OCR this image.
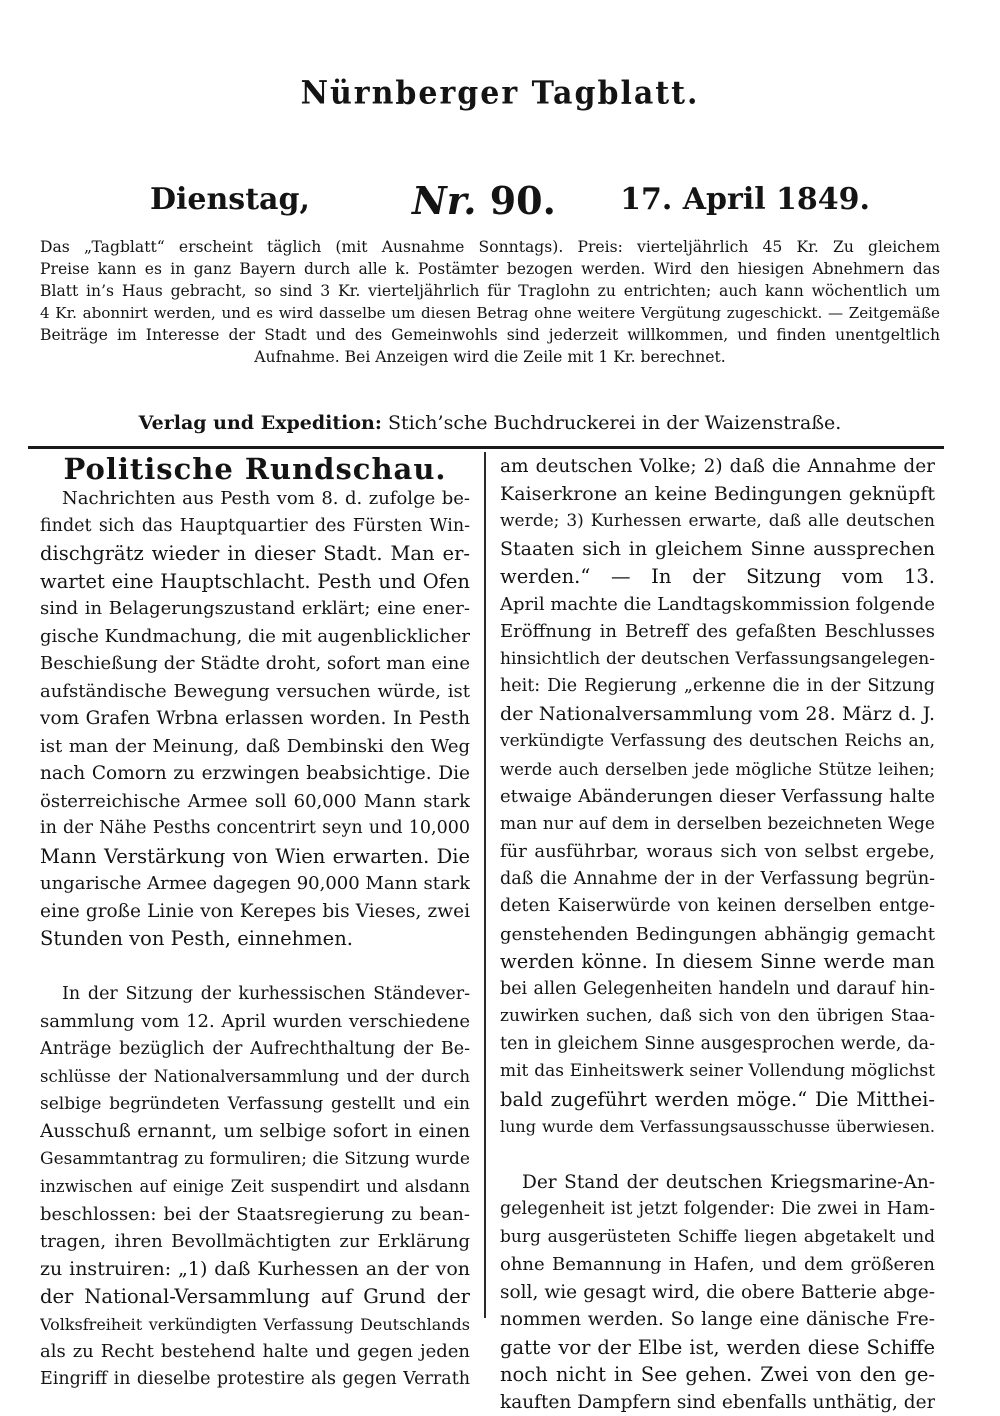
Nürnberger Tagblatt.
Dienstag,	Nr. 90. 17. April 1849.
Das „Tagblatt“ erscheint täglich (mit Ausnahme Sonntags). Preis: vierteljährlich 45 Kr. Zu gleichem
Preise kann es in ganz Bayern durch alle k. Postämter bezogen werden. Wird den hiesigen Abnehmern das
Blatt in’s Haus gebracht, so sind 3 Kr. vierteljährlich für Traglohn zu entrichten; auch kann wöchentlich um
4 Kr. abonnirt werden, und es wird dasselbe um diesen Betrag ohne weitere Vergütung zugeschickt. — Zeitgemäße
Beiträge im Interesse der Stadt und des Gemeinwohls sind jederzeit willkommen, und finden unentgeltlich
Aufnahme. Bei Anzeigen wird die Zeile mit 1 Kr. berechnet.
Verlag und Expedition: Stich’sche Buchdruckerei in der Waizenstraße.
Politische Rundschau.
Nachrichten aus Pesth vom 8. d. zufolge be-
findet sich das Hauptquartier des Fürsten Win-
dischgrätz wieder in dieser Stadt. Man er-
wartet eine Hauptschlacht. Pesth und Ofen
sind in Belagerungszustand erklärt; eine ener-
gische Kundmachung, die mit augenblicklicher
Beschießung der Städte droht, sofort man eine
aufständische Bewegung versuchen würde, ist
vom Grafen Wrbna erlassen worden. In Pesth
ist man der Meinung, daß Dembinski den Weg
nach Comorn zu erzwingen beabsichtige. Die
österreichische Armee soll 60,000 Mann stark
in der Nähe Pesths concentrirt seyn und 10,000
Mann Verstärkung von Wien erwarten. Die
ungarische Armee dagegen 90,000 Mann stark
eine große Linie von Kerepes bis Vieses, zwei
Stunden von Pesth, einnehmen.
In der Sitzung der kurhessischen Ständever-
sammlung vom 12. April wurden verschiedene
Anträge bezüglich der Aufrechthaltung der Be-
schlüsse der Nationalversammlung und der durch
selbige begründeten Verfassung gestellt und ein
Ausschuß ernannt, um selbige sofort in einen
Gesammtantrag zu formuliren; die Sitzung wurde
inzwischen auf einige Zeit suspendirt und alsdann
beschlossen: bei der Staatsregierung zu bean-
tragen, ihren Bevollmächtigten zur Erklärung
zu instruiren: „1) daß Kurhessen an der von
der National-Versammlung auf Grund der
Volksfreiheit verkündigten Verfassung Deutschlands
als zu Recht bestehend halte und gegen jeden
Eingriff in dieselbe protestire als gegen Verrath
am deutschen Volke; 2) daß die Annahme der
Kaiserkrone an keine Bedingungen geknüpft
werde; 3) Kurhessen erwarte, daß alle deutschen
Staaten sich in gleichem Sinne aussprechen
werden.“ — In der Sitzung vom 13.
April machte die Landtagskommission folgende
Eröffnung in Betreff des gefaßten Beschlusses
hinsichtlich der deutschen Verfassungsangelegen-
heit: Die Regierung „erkenne die in der Sitzung
der Nationalversammlung vom 28. März d. J.
verkündigte Verfassung des deutschen Reichs an,
werde auch derselben jede mögliche Stütze leihen;
etwaige Abänderungen dieser Verfassung halte
man nur auf dem in derselben bezeichneten Wege
für ausführbar, woraus sich von selbst ergebe,
daß die Annahme der in der Verfassung begrün-
deten Kaiserwürde von keinen derselben entge-
genstehenden Bedingungen abhängig gemacht
werden könne. In diesem Sinne werde man
bei allen Gelegenheiten handeln und darauf hin-
zuwirken suchen, daß sich von den übrigen Staa-
ten in gleichem Sinne ausgesprochen werde, da-
mit das Einheitswerk seiner Vollendung möglichst
bald zugeführt werden möge.“ Die Mitthei-
lung wurde dem Verfassungsausschusse überwiesen.
Der Stand der deutschen Kriegsmarine-An-
gelegenheit ist jetzt folgender: Die zwei in Ham-
burg ausgerüsteten Schiffe liegen abgetakelt und
ohne Bemannung in Hafen, und dem größeren
soll, wie gesagt wird, die obere Batterie abge-
nommen werden. So lange eine dänische Fre-
gatte vor der Elbe ist, werden diese Schiffe
noch nicht in See gehen. Zwei von den ge-
kauften Dampfern sind ebenfalls unthätig, der
